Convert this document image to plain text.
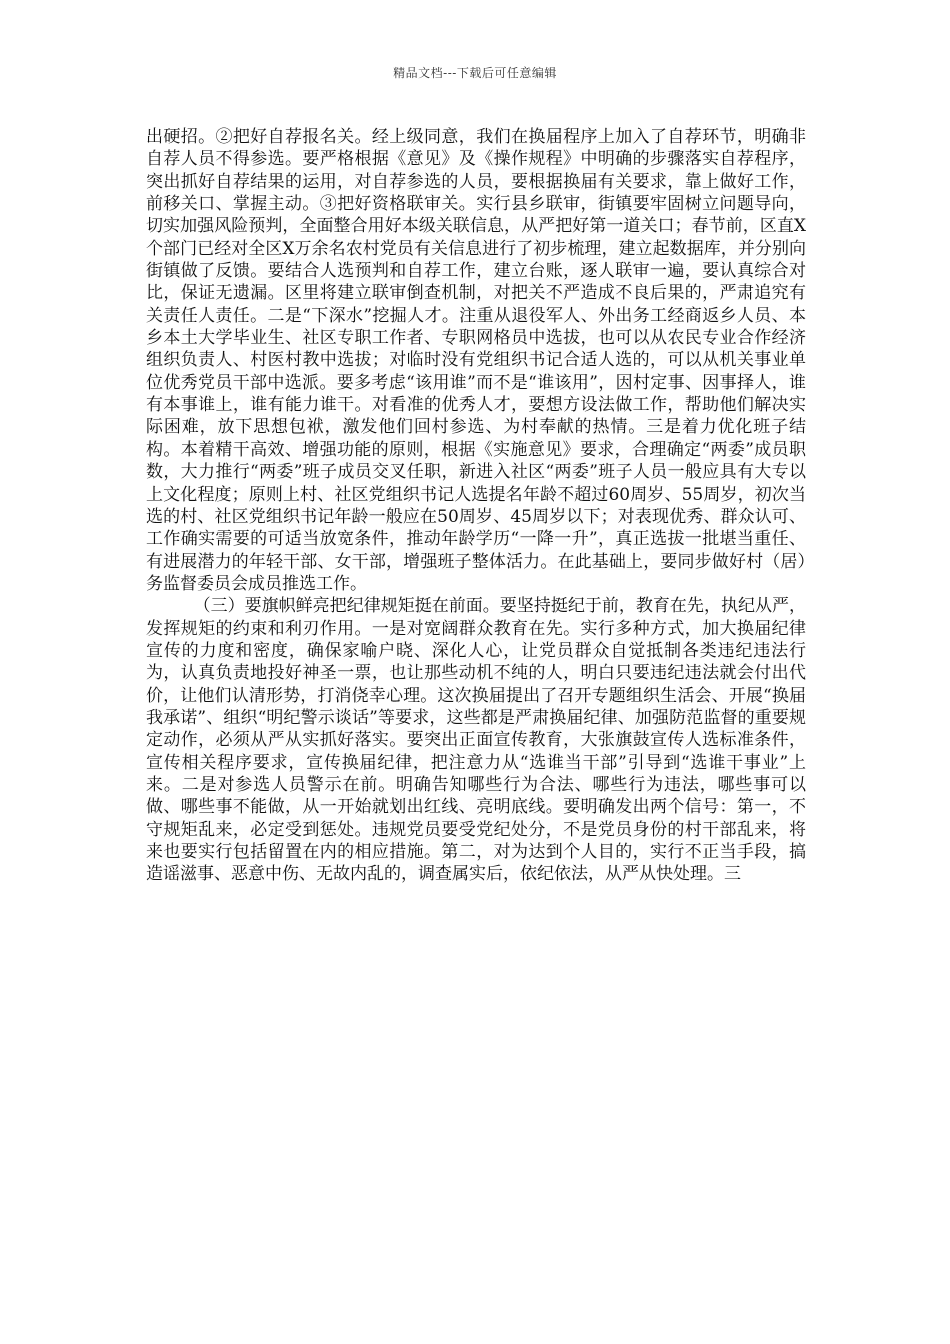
精品文档---下载后可任意编辑

出硬招。②把好自荐报名关。经上级同意，我们在换届程序上加入了自荐环节，明确非自荐人员不得参选。要严格根据《意见》及《操作规程》中明确的步骤落实自荐程序，突出抓好自荐结果的运用，对自荐参选的人员，要根据换届有关要求，靠上做好工作，前移关口、掌握主动。③把好资格联审关。实行县乡联审，街镇要牢固树立问题导向，切实加强风险预判，全面整合用好本级关联信息，从严把好第一道关口；春节前，区直X个部门已经对全区X万余名农村党员有关信息进行了初步梳理，建立起数据库，并分别向街镇做了反馈。要结合人选预判和自荐工作，建立台账，逐人联审一遍，要认真综合对比，保证无遗漏。区里将建立联审倒查机制，对把关不严造成不良后果的，严肃追究有关责任人责任。二是“下深水”挖掘人才。注重从退役军人、外出务工经商返乡人员、本乡本土大学毕业生、社区专职工作者、专职网格员中选拔，也可以从农民专业合作经济组织负责人、村医村教中选拔；对临时没有党组织书记合适人选的，可以从机关事业单位优秀党员干部中选派。要多考虑“该用谁”而不是“谁该用”，因村定事、因事择人，谁有本事谁上，谁有能力谁干。对看准的优秀人才，要想方设法做工作，帮助他们解决实际困难，放下思想包袱，激发他们回村参选、为村奉献的热情。三是着力优化班子结构。本着精干高效、增强功能的原则，根据《实施意见》要求，合理确定“两委”成员职数，大力推行“两委”班子成员交叉任职，新进入社区“两委”班子人员一般应具有大专以上文化程度；原则上村、社区党组织书记人选提名年龄不超过60周岁、55周岁，初次当选的村、社区党组织书记年龄一般应在50周岁、45周岁以下；对表现优秀、群众认可、工作确实需要的可适当放宽条件，推动年龄学历“一降一升”，真正选拔一批堪当重任、有进展潜力的年轻干部、女干部，增强班子整体活力。在此基础上，要同步做好村（居）务监督委员会成员推选工作。

（三）要旗帜鲜亮把纪律规矩挺在前面。要坚持挺纪于前，教育在先，执纪从严，发挥规矩的约束和利刃作用。一是对宽阔群众教育在先。实行多种方式，加大换届纪律宣传的力度和密度，确保家喻户晓、深化人心，让党员群众自觉抵制各类违纪违法行为，认真负责地投好神圣一票，也让那些动机不纯的人，明白只要违纪违法就会付出代价，让他们认清形势，打消侥幸心理。这次换届提出了召开专题组织生活会、开展“换届我承诺”、组织“明纪警示谈话”等要求，这些都是严肃换届纪律、加强防范监督的重要规定动作，必须从严从实抓好落实。要突出正面宣传教育，大张旗鼓宣传人选标准条件，宣传相关程序要求，宣传换届纪律，把注意力从“选谁当干部”引导到“选谁干事业”上来。二是对参选人员警示在前。明确告知哪些行为合法、哪些行为违法，哪些事可以做、哪些事不能做，从一开始就划出红线、亮明底线。要明确发出两个信号：第一，不守规矩乱来，必定受到惩处。违规党员要受党纪处分，不是党员身份的村干部乱来，将来也要实行包括留置在内的相应措施。第二，对为达到个人目的，实行不正当手段，搞造谣滋事、恶意中伤、无故内乱的，调查属实后，依纪依法，从严从快处理。三
